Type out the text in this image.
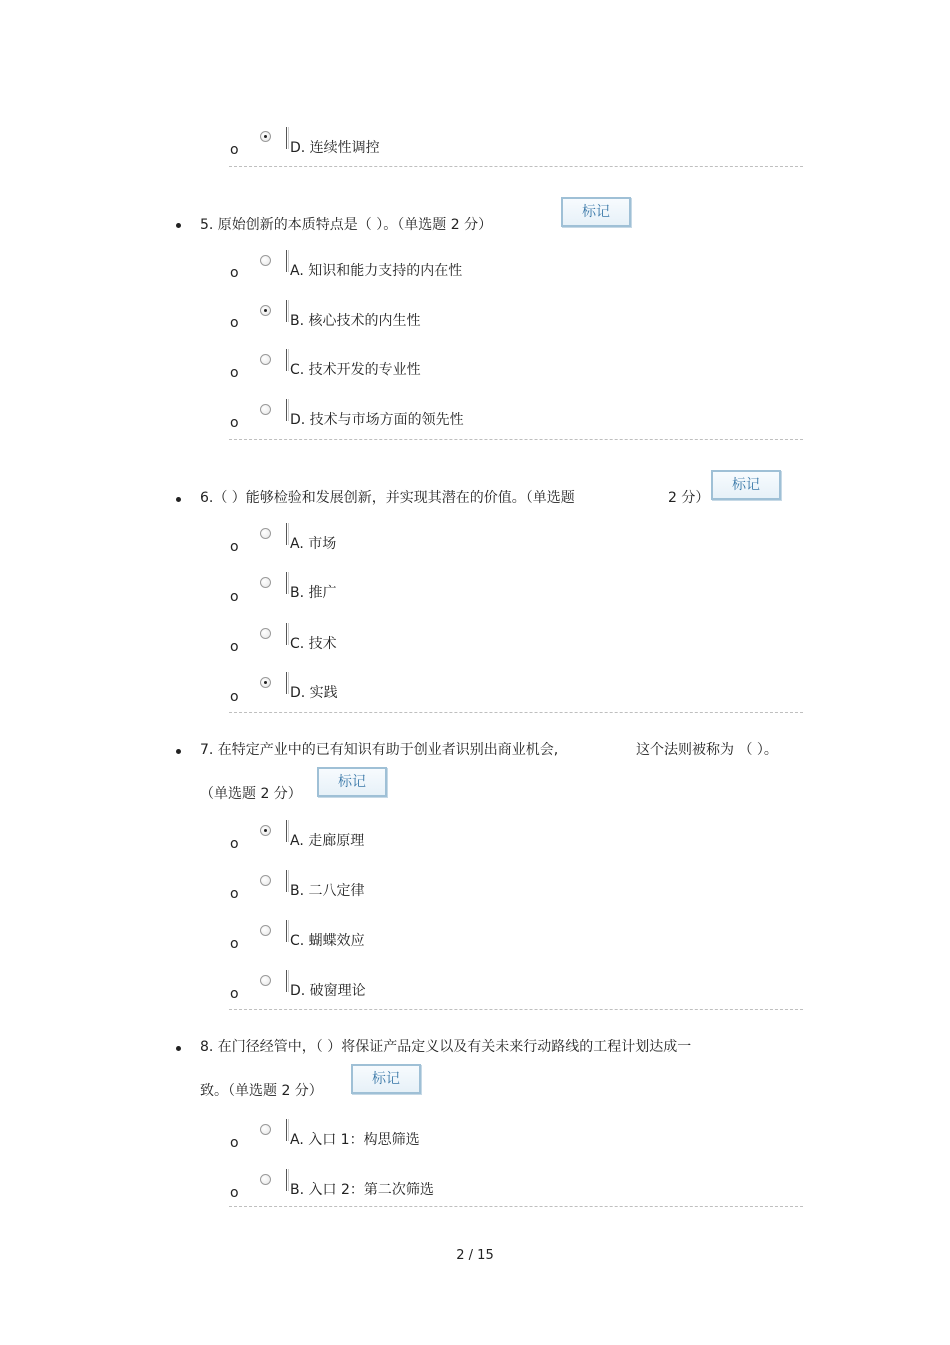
o	D. 连续性调控
5. 原始创新的本质特点是（ ）。（单选题 2 分）
标记
o	A. 知识和能力支持的内在性
o	B. 核心技术的内生性
o	C. 技术开发的专业性
o	D. 技术与市场方面的领先性
6.（ ）能够检验和发展创新，并实现其潜在的价值。（单选题	2 分）
标记
o	A. 市场
o	B. 推广
o	C. 技术
o	D. 实践
7. 在特定产业中的已有知识有助于创业者识别出商业机会,	这个法则被称为 （ ）。
（单选题 2 分）
标记
o	A. 走廊原理
o	B. 二八定律
o	C. 蝴蝶效应
o	D. 破窗理论
8. 在门径经管中，（ ）将保证产品定义以及有关未来行动路线的工程计划达成一
致。（单选题 2 分）
标记
o	A. 入口 1：构思筛选
o	B. 入口 2：第二次筛选
2 / 15
